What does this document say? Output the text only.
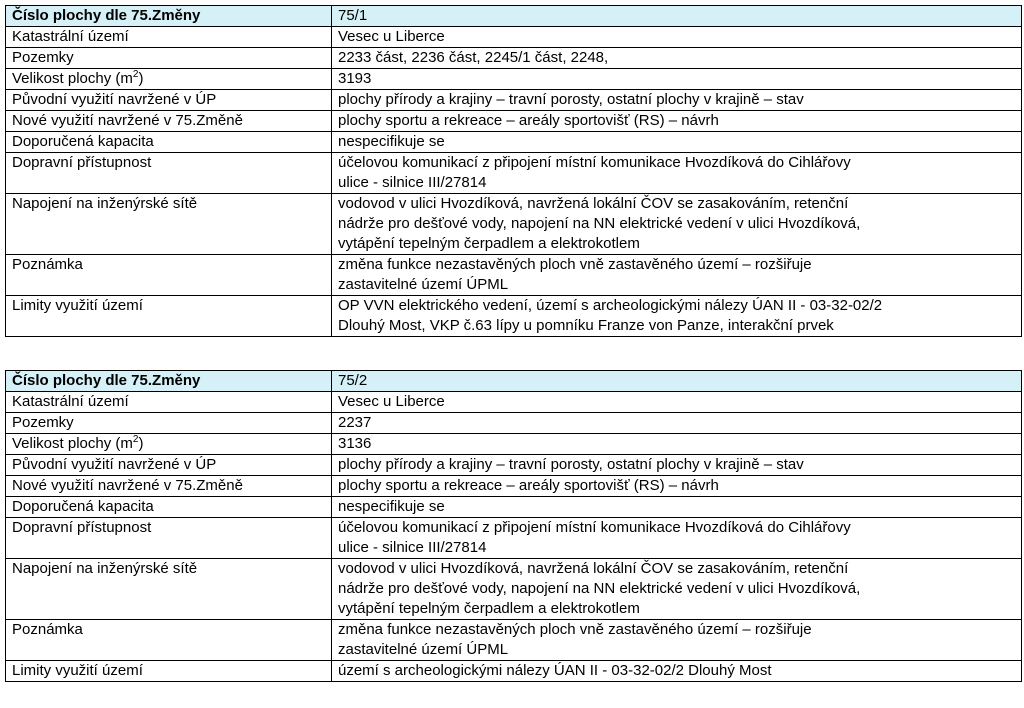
Číslo plochy dle 75.Změny	75/1
Katastrální území	Vesec u Liberce
Pozemky	2233 část, 2236 část, 2245/1 část, 2248,
Velikost plochy $(m^2)$	3193
Původní využití navržené v ÚP	plochy přírody a krajiny – travní porosty, ostatní plochy v krajině – stav
Nové využití navržené v 75.Změně	plochy sportu a rekreace – areály sportovišť (RS) – návrh
Doporučená kapacita	nespecifikuje se
Dopravní přístupnost	účelovou komunikací z připojení místní komunikace Hvozdíková do Cihlářovy
ulice - silnice III/27814

Napojení na inženýrské sítě	vodovod v ulici Hvozdíková, navržená lokální ČOV se zasakováním, retenční
nádrže pro dešťové vody, napojení na NN elektrické vedení v ulici Hvozdíková,
vytápění tepelným čerpadlem a elektrokotlem

Poznámka	změna funkce nezastavěných ploch vně zastavěného území – rozšiřuje
zastavitelné území ÚPML

Limity využití území	OP VVN elektrického vedení, území s archeologickými nálezy ÚAN II - 03-32-02/2
Dlouhý Most, VKP č.63 lípy u pomníku Franze von Panze, interakční prvek
Číslo plochy dle 75.Změny	75/2
Katastrální území	Vesec u Liberce
Pozemky	2237
Velikost plochy $(m^2)$	3136
Původní využití navržené v ÚP	plochy přírody a krajiny – travní porosty, ostatní plochy v krajině – stav
Nové využití navržené v 75.Změně	plochy sportu a rekreace – areály sportovišť (RS) – návrh
Doporučená kapacita	nespecifikuje se
Dopravní přístupnost	účelovou komunikací z připojení místní komunikace Hvozdíková do Cihlářovy
ulice - silnice III/27814

Napojení na inženýrské sítě	vodovod v ulici Hvozdíková, navržená lokální ČOV se zasakováním, retenční
nádrže pro dešťové vody, napojení na NN elektrické vedení v ulici Hvozdíková,
vytápění tepelným čerpadlem a elektrokotlem

Poznámka	změna funkce nezastavěných ploch vně zastavěného území – rozšiřuje
zastavitelné území ÚPML

Limity využití území	území s archeologickými nálezy ÚAN II - 03-32-02/2 Dlouhý Most
